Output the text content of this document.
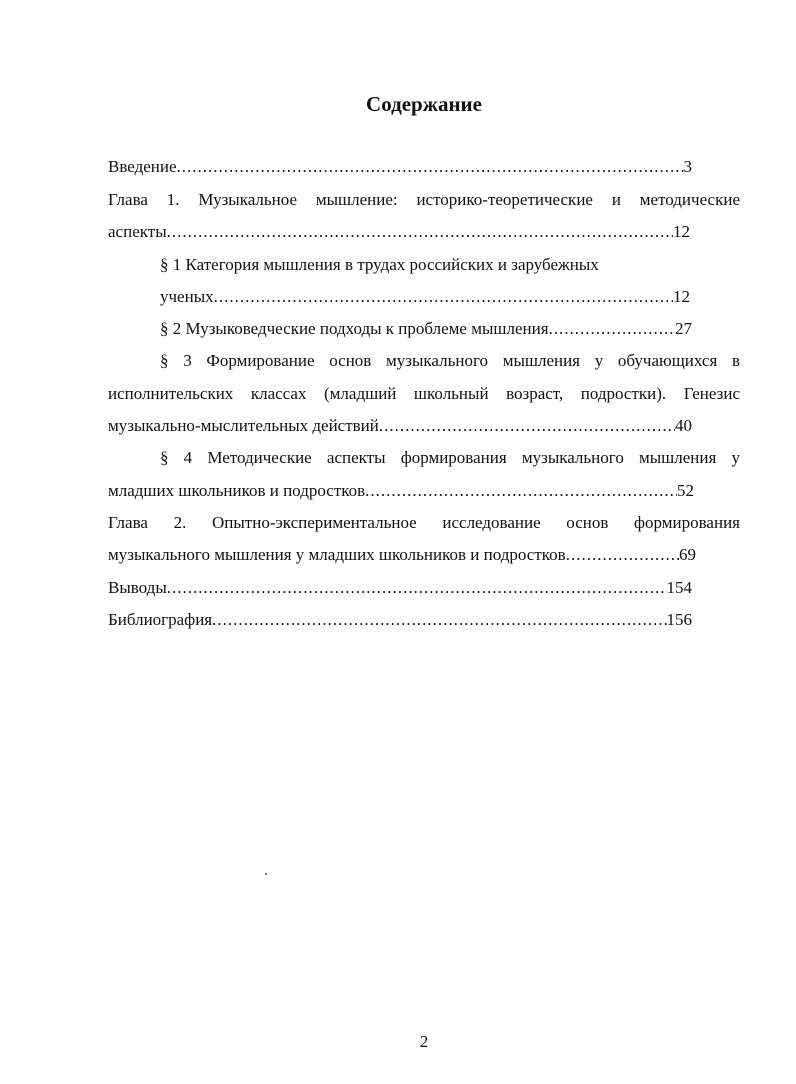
Содержание
Введение .....	3
Глава 1. Музыкальное мышление: историко-теоретические и методические
аспекты .....	12
§ 1 Категория мышления в трудах российских и зарубежных
ученых .....	12
§ 2 Музыковедческие подходы к проблеме мышления .....	27
§ 3 Формирование основ музыкального мышления у обучающихся в
исполнительских классах (младший школьный возраст, подростки). Генезис
музыкально-мыслительных действий .....	40
§ 4 Методические аспекты формирования музыкального мышления у
младших школьников и подростков .....	52
Глава 2. Опытно-экспериментальное исследование основ формирования
музыкального мышления у младших школьников и подростков .....	69
Выводы .....	154
Библиография .....	156
2
